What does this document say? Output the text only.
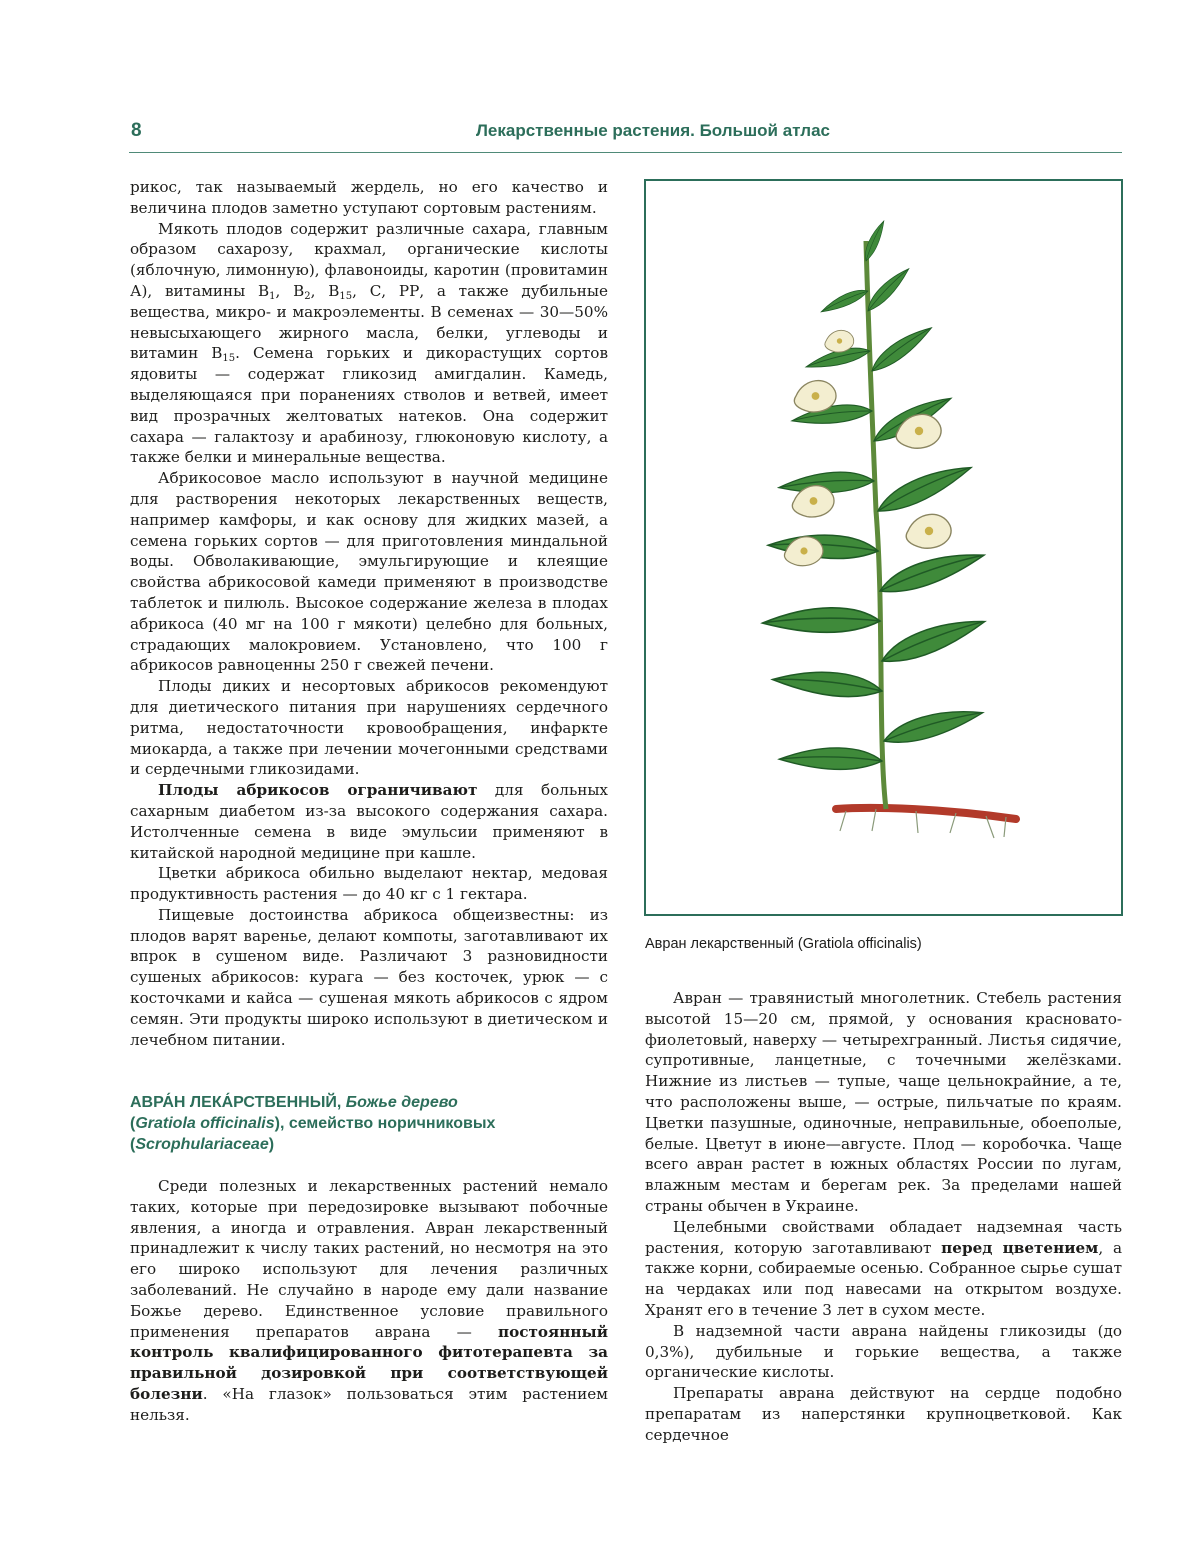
8	Лекарственные растения. Большой атлас

рикос, так называемый жердель, но его качество и величина плодов заметно уступают сортовым растениям.

Мякоть плодов содержит различные сахара, главным образом сахарозу, крахмал, органические кислоты (яблочную, лимонную), флавоноиды, каротин (провитамин А), витамины $B_1$, $B_2$, $B_{15}$, С, РР, а также дубильные вещества, микро- и макроэлементы. В семенах — 30—50% невысыхающего жирного масла, белки, углеводы и витамин $B_{15}$. Семена горьких и дикорастущих сортов ядовиты — содержат гликозид амигдалин. Камедь, выделяющаяся при поранениях стволов и ветвей, имеет вид прозрачных желтоватых натеков. Она содержит сахара — галактозу и арабинозу, глюконовую кислоту, а также белки и минеральные вещества.

Абрикосовое масло используют в научной медицине для растворения некоторых лекарственных веществ, например камфоры, и как основу для жидких мазей, а семена горьких сортов — для приготовления миндальной воды. Обволакивающие, эмульгирующие и клеящие свойства абрикосовой камеди применяют в производстве таблеток и пилюль. Высокое содержание железа в плодах абрикоса (40 мг на 100 г мякоти) целебно для больных, страдающих малокровием. Установлено, что 100 г абрикосов равноценны 250 г свежей печени.

Плоды диких и несортовых абрикосов рекомендуют для диетического питания при нарушениях сердечного ритма, недостаточности кровообращения, инфаркте миокарда, а также при лечении мочегонными средствами и сердечными гликозидами.

Плоды абрикосов ограничивают для больных сахарным диабетом из-за высокого содержания сахара. Истолченные семена в виде эмульсии применяют в китайской народной медицине при кашле.

Цветки абрикоса обильно выделают нектар, медовая продуктивность растения — до 40 кг с 1 гектара.

Пищевые достоинства абрикоса общеизвестны: из плодов варят варенье, делают компоты, заготавливают их впрок в сушеном виде. Различают 3 разновидности сушеных абрикосов: курага — без косточек, урюк — с косточками и кайса — сушеная мякоть абрикосов с ядром семян. Эти продукты широко используют в диетическом и лечебном питании.

АВРА́Н ЛЕКА́РСТВЕННЫЙ, Божье дерево
(Gratiola officinalis), семейство норичниковых
(Scrophulariaceae)

Среди полезных и лекарственных растений немало таких, которые при передозировке вызывают побочные явления, а иногда и отравления. Авран лекарственный принадлежит к числу таких растений, но несмотря на это его широко используют для лечения различных заболеваний. Не случайно в народе ему дали название Божье дерево. Единственное условие правильного применения препаратов аврана — постоянный контроль квалифицированного фитотерапевта за правильной дозировкой при соответствующей болезни. «На глазок» пользоваться этим растением нельзя.

Авран лекарственный (Gratiola officinalis)

Авран — травянистый многолетник. Стебель растения высотой 15—20 см, прямой, у основания красновато-фиолетовый, наверху — четырехгранный. Листья сидячие, супротивные, ланцетные, с точечными желёзками. Нижние из листьев — тупые, чаще цельнокрайние, а те, что расположены выше, — острые, пильчатые по краям. Цветки пазушные, одиночные, неправильные, обоеполые, белые. Цветут в июне—августе. Плод — коробочка. Чаще всего авран растет в южных областях России по лугам, влажным местам и берегам рек. За пределами нашей страны обычен в Украине.

Целебными свойствами обладает надземная часть растения, которую заготавливают перед цветением, а также корни, собираемые осенью. Собранное сырье сушат на чердаках или под навесами на открытом воздухе. Хранят его в течение 3 лет в сухом месте.

В надземной части аврана найдены гликозиды (до 0,3%), дубильные и горькие вещества, а также органические кислоты.

Препараты аврана действуют на сердце подобно препаратам из наперстянки крупноцветковой. Как сердечное
